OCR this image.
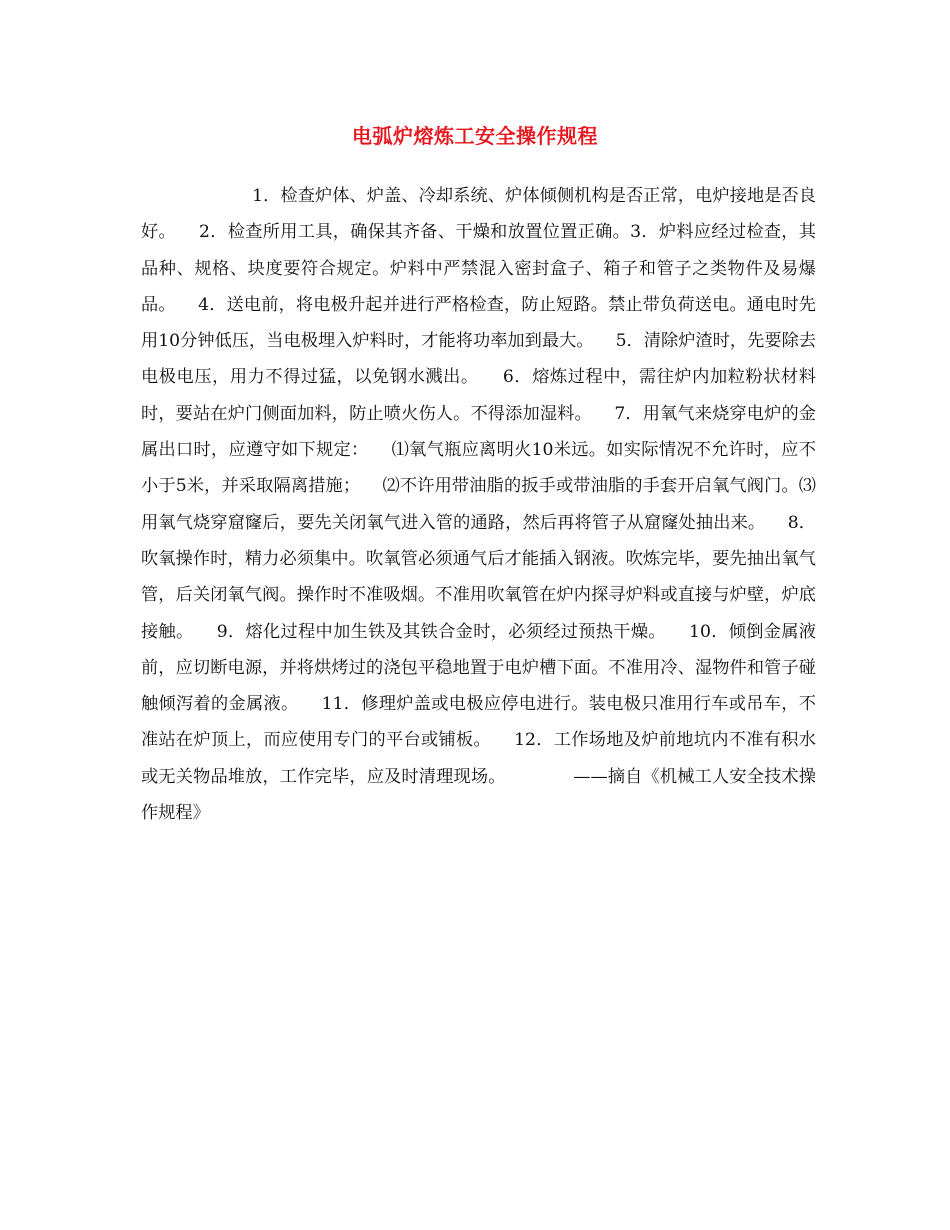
电弧炉熔炼工安全操作规程
1．检查炉体、炉盖、冷却系统、炉体倾侧机构是否正常，电炉接地是否良好。    2．检查所用工具，确保其齐备、干燥和放置位置正确。3．炉料应经过检查，其品种、规格、块度要符合规定。炉料中严禁混入密封盒子、箱子和管子之类物件及易爆品。    4．送电前，将电极升起并进行严格检查，防止短路。禁止带负荷送电。通电时先用10分钟低压，当电极埋入炉料时，才能将功率加到最大。    5．清除炉渣时，先要除去电极电压，用力不得过猛，以免钢水溅出。    6．熔炼过程中，需往炉内加粒粉状材料时，要站在炉门侧面加料，防止喷火伤人。不得添加湿料。    7．用氧气来烧穿电炉的金属出口时，应遵守如下规定：    ⑴氧气瓶应离明火10米远。如实际情况不允许时，应不小于5米，并采取隔离措施；    ⑵不许用带油脂的扳手或带油脂的手套开启氧气阀门。⑶用氧气烧穿窟窿后，要先关闭氧气进入管的通路，然后再将管子从窟窿处抽出来。    8．吹氧操作时，精力必须集中。吹氧管必须通气后才能插入钢液。吹炼完毕，要先抽出氧气管，后关闭氧气阀。操作时不准吸烟。不准用吹氧管在炉内探寻炉料或直接与炉壁，炉底接触。    9．熔化过程中加生铁及其铁合金时，必须经过预热干燥。    10．倾倒金属液前，应切断电源，并将烘烤过的浇包平稳地置于电炉槽下面。不准用冷、湿物件和管子碰触倾泻着的金属液。    11．修理炉盖或电极应停电进行。装电极只准用行车或吊车，不准站在炉顶上，而应使用专门的平台或铺板。    12．工作场地及炉前地坑内不准有积水或无关物品堆放，工作完毕，应及时清理现场。            ——摘自《机械工人安全技术操作规程》
